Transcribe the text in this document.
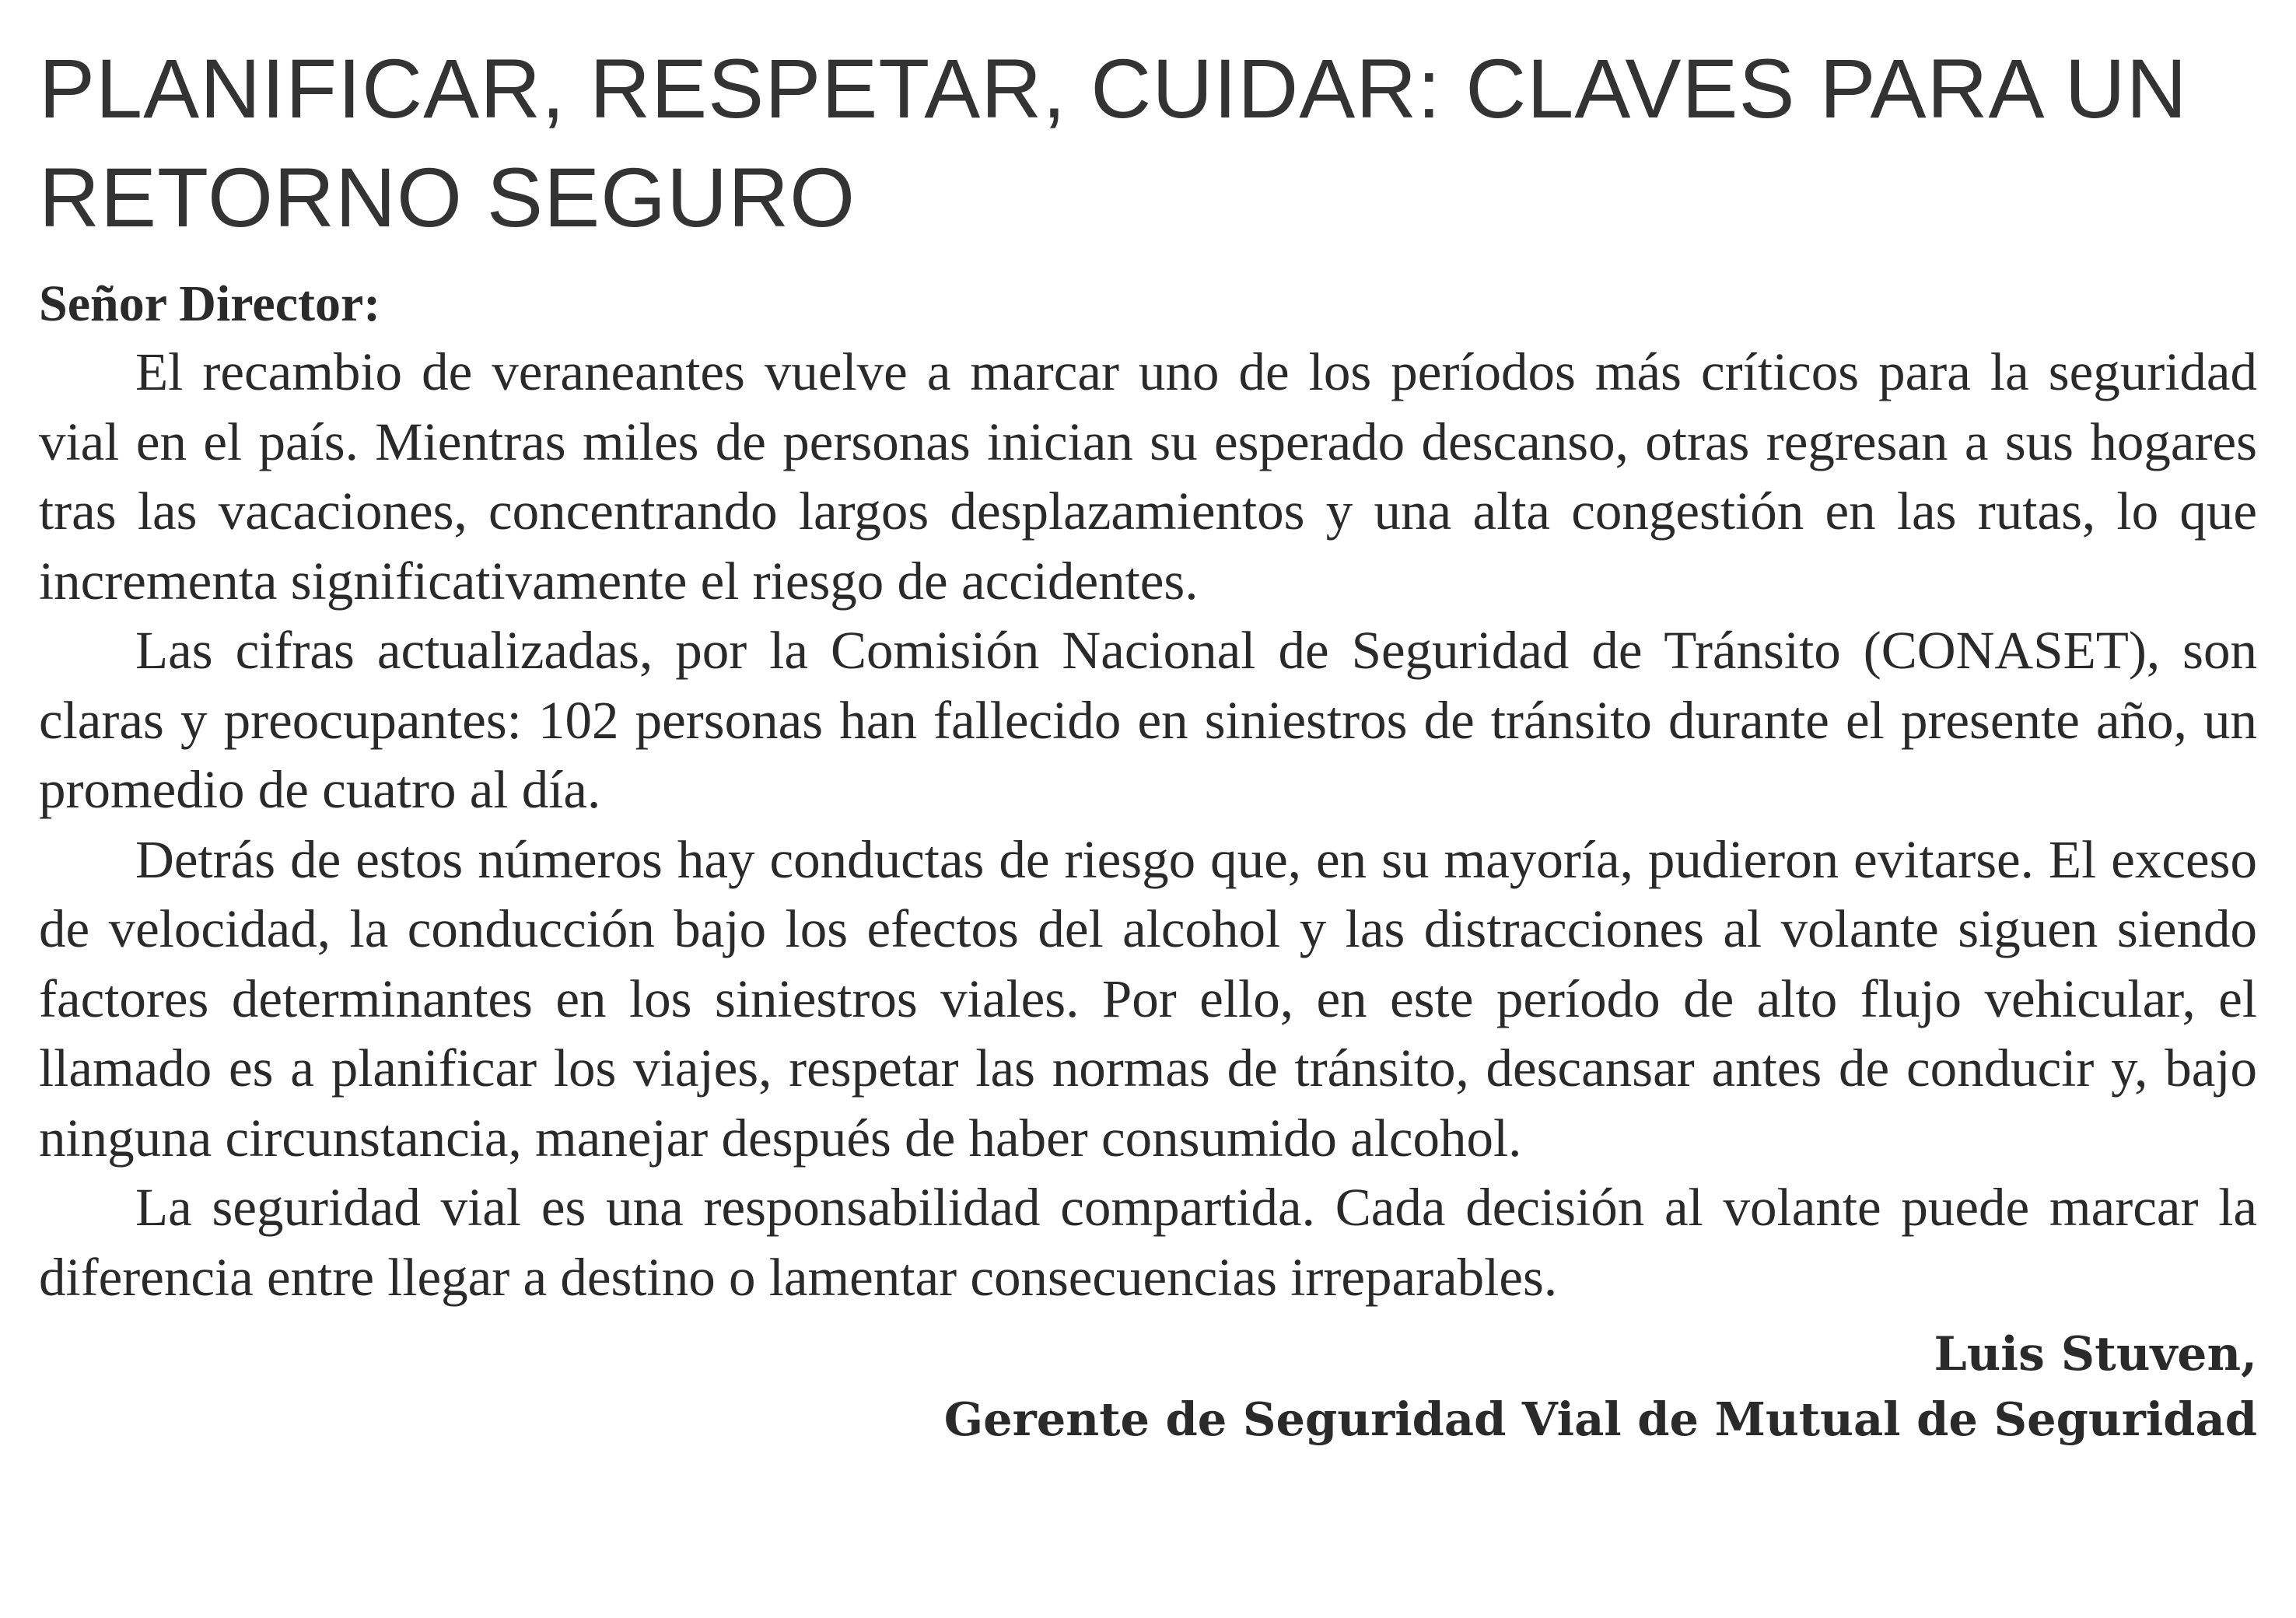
PLANIFICAR, RESPETAR, CUIDAR: CLAVES PARA UN RETORNO SEGURO
Señor Director:

El recambio de veraneantes vuelve a marcar uno de los períodos más críticos para la seguridad vial en el país. Mientras miles de personas inician su esperado descanso, otras regresan a sus hogares tras las vacaciones, concentrando largos desplazamientos y una alta congestión en las rutas, lo que incrementa significativamente el riesgo de accidentes.

Las cifras actualizadas, por la Comisión Nacional de Seguridad de Tránsito (CONASET), son claras y preocupantes: 102 personas han fallecido en siniestros de tránsito durante el presente año, un promedio de cuatro al día.

Detrás de estos números hay conductas de riesgo que, en su mayoría, pudieron evitarse. El exceso de velocidad, la conducción bajo los efectos del alcohol y las distracciones al volante siguen siendo factores determinantes en los siniestros viales. Por ello, en este período de alto flujo vehicular, el llamado es a planificar los viajes, respetar las normas de tránsito, descansar antes de conducir y, bajo ninguna circunstancia, manejar después de haber consumido alcohol.

La seguridad vial es una responsabilidad compartida. Cada decisión al volante puede marcar la diferencia entre llegar a destino o lamentar consecuencias irreparables.

Luis Stuven,
Gerente de Seguridad Vial de Mutual de Seguridad
